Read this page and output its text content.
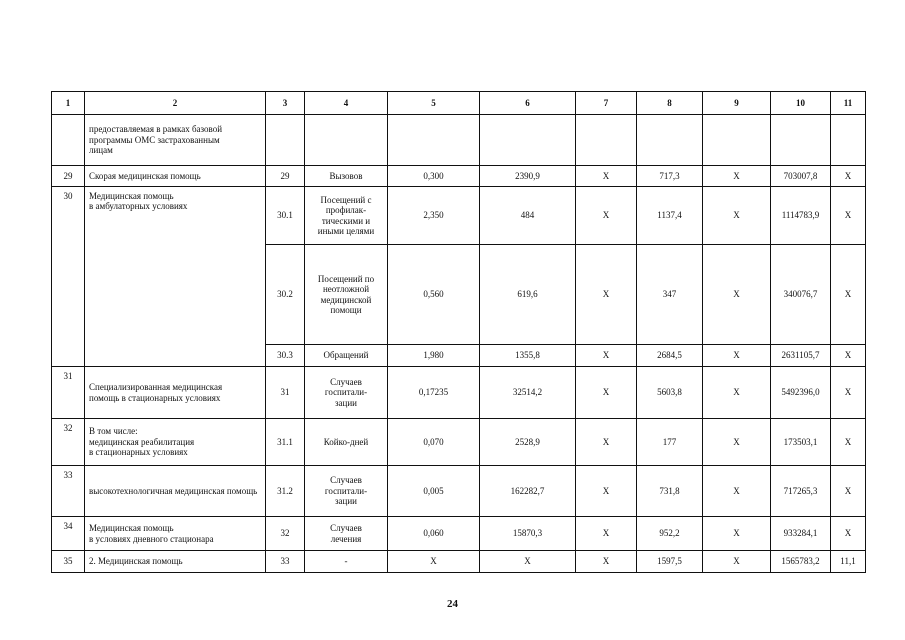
1	2	3	4	5	6	7	8	9	10	11

	предоставляемая в рамках базовой
программы ОМС застрахованным
лицам									

29	Скорая медицинская помощь	29	Вызовов	0,300	2390,9	X	717,3	X	703007,8	X
30	Медицинская помощь
в амбулаторных условиях	30.1	Посещений с
профилак-
тическими и
иными целями	2,350	484	X	1137,4	X	1114783,9	X
		30.2	Посещений по
неотложной
медицинской
помощи	0,560	619,6	X	347	X	340076,7	X
		30.3	Обращений	1,980	1355,8	X	2684,5	X	2631105,7	X
31	Специализированная медицинская
помощь в стационарных условиях	31	Случаев
госпитали-
зации	0,17235	32514,2	X	5603,8	X	5492396,0	X
32	В том числе:
медицинская реабилитация
в стационарных условиях	31.1	Койко-дней	0,070	2528,9	X	177	X	173503,1	X
33	высокотехнологичная медицинская помощь	31.2	Случаев
госпитали-
зации	0,005	162282,7	X	731,8	X	717265,3	X
34	Медицинская помощь
в условиях дневного стационара	32	Случаев
лечения	0,060	15870,3	X	952,2	X	933284,1	X
35	2. Медицинская помощь	33	-	X	X	X	1597,5	X	1565783,2	11,1
24
